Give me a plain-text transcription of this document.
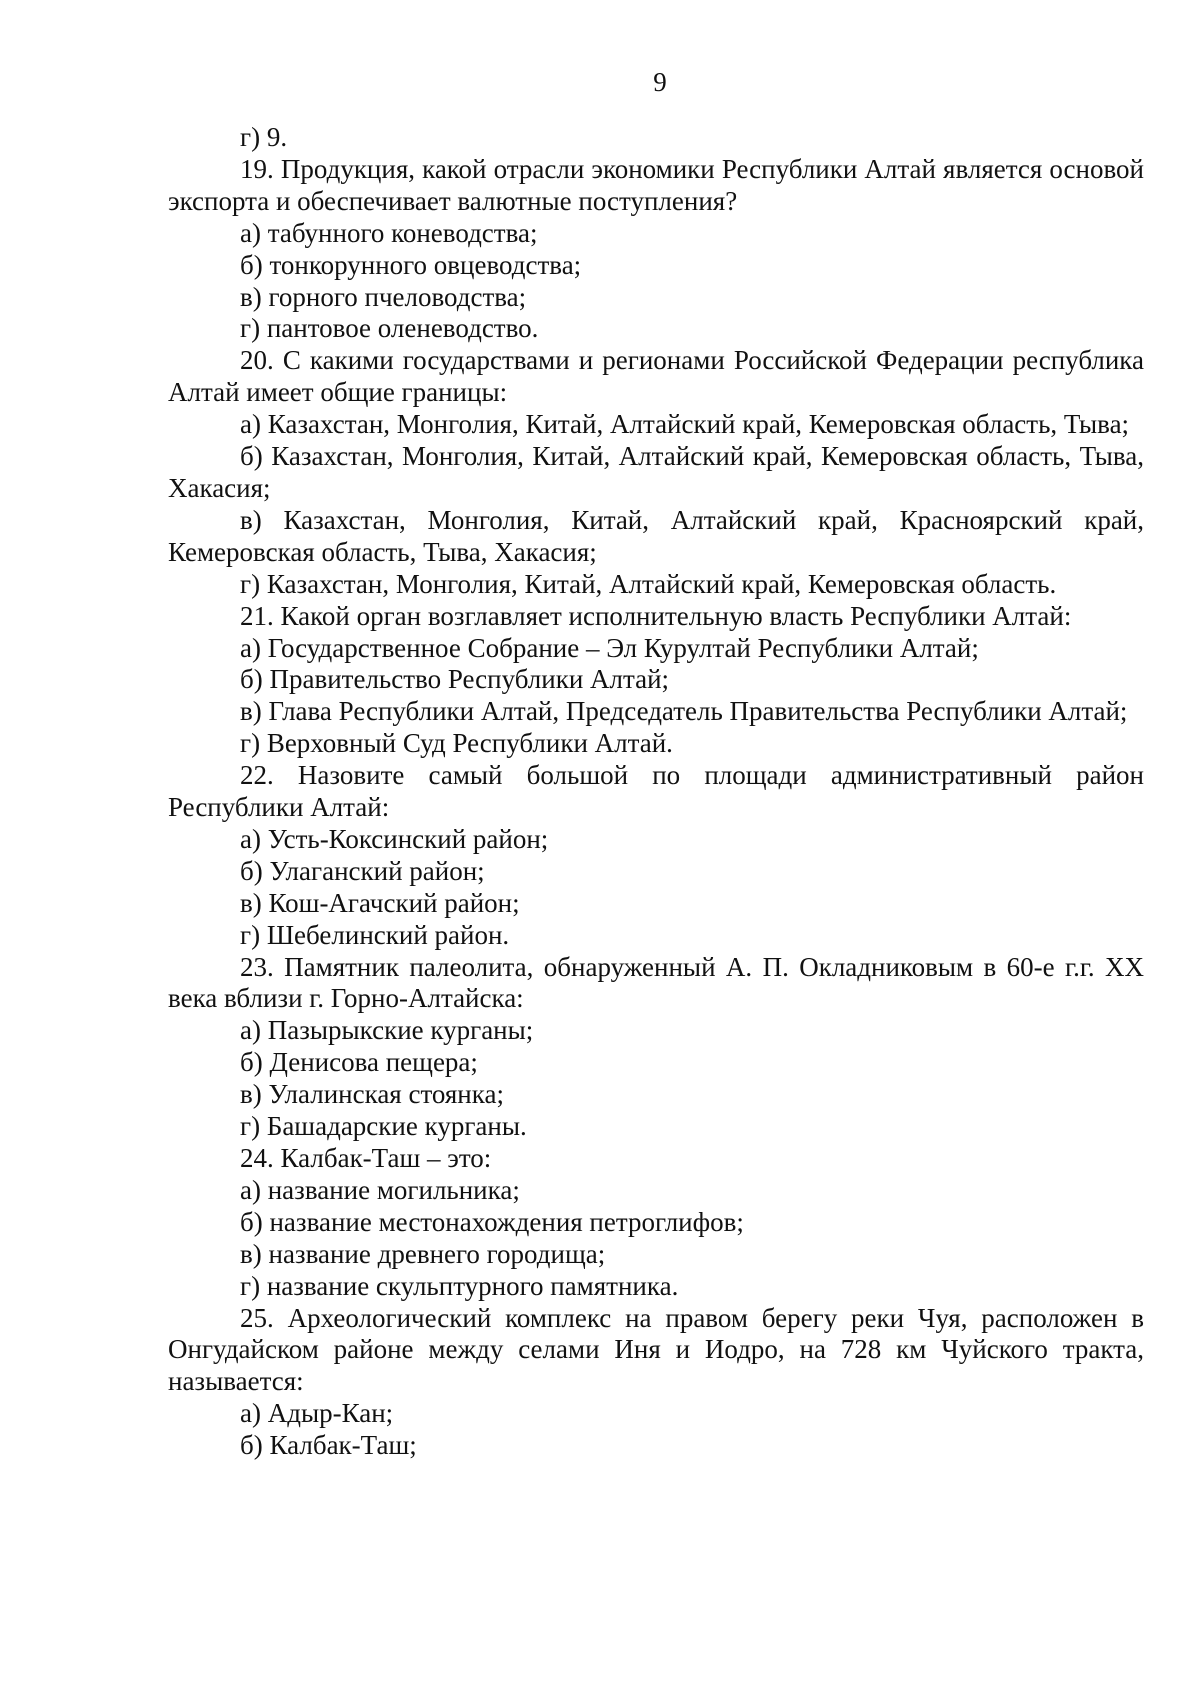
9

г) 9.

19. Продукция, какой отрасли экономики Республики Алтай является основой экспорта и обеспечивает валютные поступления?

а) табунного коневодства;

б) тонкорунного овцеводства;

в) горного пчеловодства;

г) пантовое оленеводство.

20. С какими государствами и регионами Российской Федерации республика Алтай имеет общие границы:

а) Казахстан, Монголия, Китай, Алтайский край, Кемеровская область, Тыва;

б) Казахстан, Монголия, Китай, Алтайский край, Кемеровская область, Тыва, Хакасия;

в) Казахстан, Монголия, Китай, Алтайский край, Красноярский край, Кемеровская область, Тыва, Хакасия;

г) Казахстан, Монголия, Китай, Алтайский край, Кемеровская область.

21. Какой орган возглавляет исполнительную власть Республики Алтай:

а) Государственное Собрание – Эл Курултай Республики Алтай;

б) Правительство Республики Алтай;

в) Глава Республики Алтай, Председатель Правительства Республики Алтай;

г) Верховный Суд Республики Алтай.

22. Назовите самый большой по площади административный район Республики Алтай:

а) Усть-Коксинский район;

б) Улаганский район;

в) Кош-Агачский район;

г) Шебелинский район.

23. Памятник палеолита, обнаруженный А. П. Окладниковым в 60-е г.г. XX века вблизи г. Горно-Алтайска:

а) Пазырыкские курганы;

б) Денисова пещера;

в) Улалинская стоянка;

г) Башадарские курганы.

24. Калбак-Таш – это:

а) название могильника;

б) название местонахождения петроглифов;

в) название древнего городища;

г) название скульптурного памятника.

25. Археологический комплекс на правом берегу реки Чуя, расположен в Онгудайском районе между селами Иня и Иодро, на 728 км Чуйского тракта, называется:

а) Адыр-Кан;

б) Калбак-Таш;
